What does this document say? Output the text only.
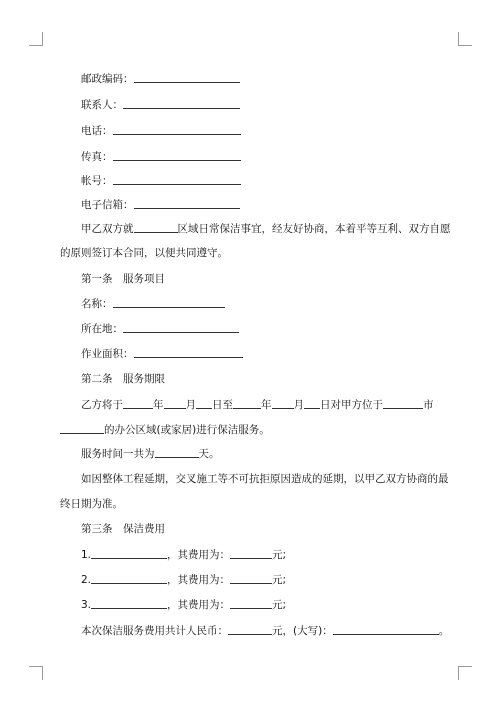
邮政编码：
联系人：
电话：
传真：
帐号：
电子信箱：
甲乙双方就	区域日常保洁事宜，经友好协商，本着平等互利、双方自愿
的原则签订本合同，以便共同遵守。
第一条　服务项目
名称：
所在地：
作业面积：
第二条　服务期限
乙方将于	年 月 日至	年 月 日对甲方位于	市
的办公区域(或家居)进行保洁服务。
服务时间一共为	天。
如因整体工程延期，交叉施工等不可抗拒原因造成的延期，以甲乙双方协商的最
终日期为准。
第三条　保洁费用
1.	，其费用为：	元;
2.	，其费用为：	元;
3.	，其费用为：	元;
本次保洁服务费用共计人民币：	元，(大写)：	。
